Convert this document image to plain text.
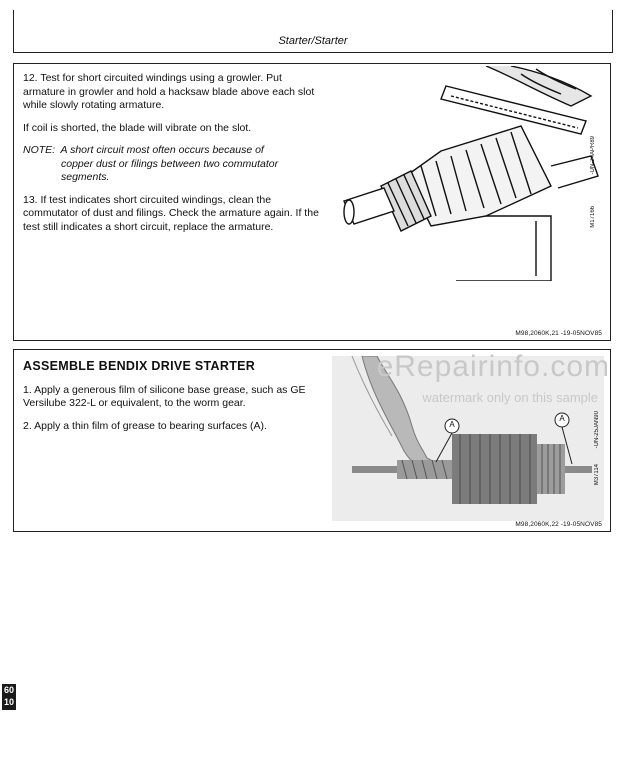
Starter/Starter

12. Test for short circuited windings using a growler. Put armature in growler and hold a hacksaw blade above each slot while slowly rotating armature.

If coil is shorted, the blade will vibrate on the slot.

NOTE: A short circuit most often occurs because of
copper dust or filings between two commutator
segments.

13. If test indicates short circuited windings, clean the commutator of dust and filings. Check the armature again. If the test still indicates a short circuit, replace the armature.	M17166
-UN-24APR89
M98,2060K,21 -19-05NOV85

ASSEMBLE BENDIX DRIVE STARTER

1. Apply a generous film of silicone base grease, such as GE Versilube 322-L or equivalent, to the worm gear.

2. Apply a thin film of grease to bearing surfaces (A).	A
A
M37114
-UN-25JAN90
M98,2060K,22 -19-05NOV85
eRepairinfo.com
watermark only on this sample
60
10
